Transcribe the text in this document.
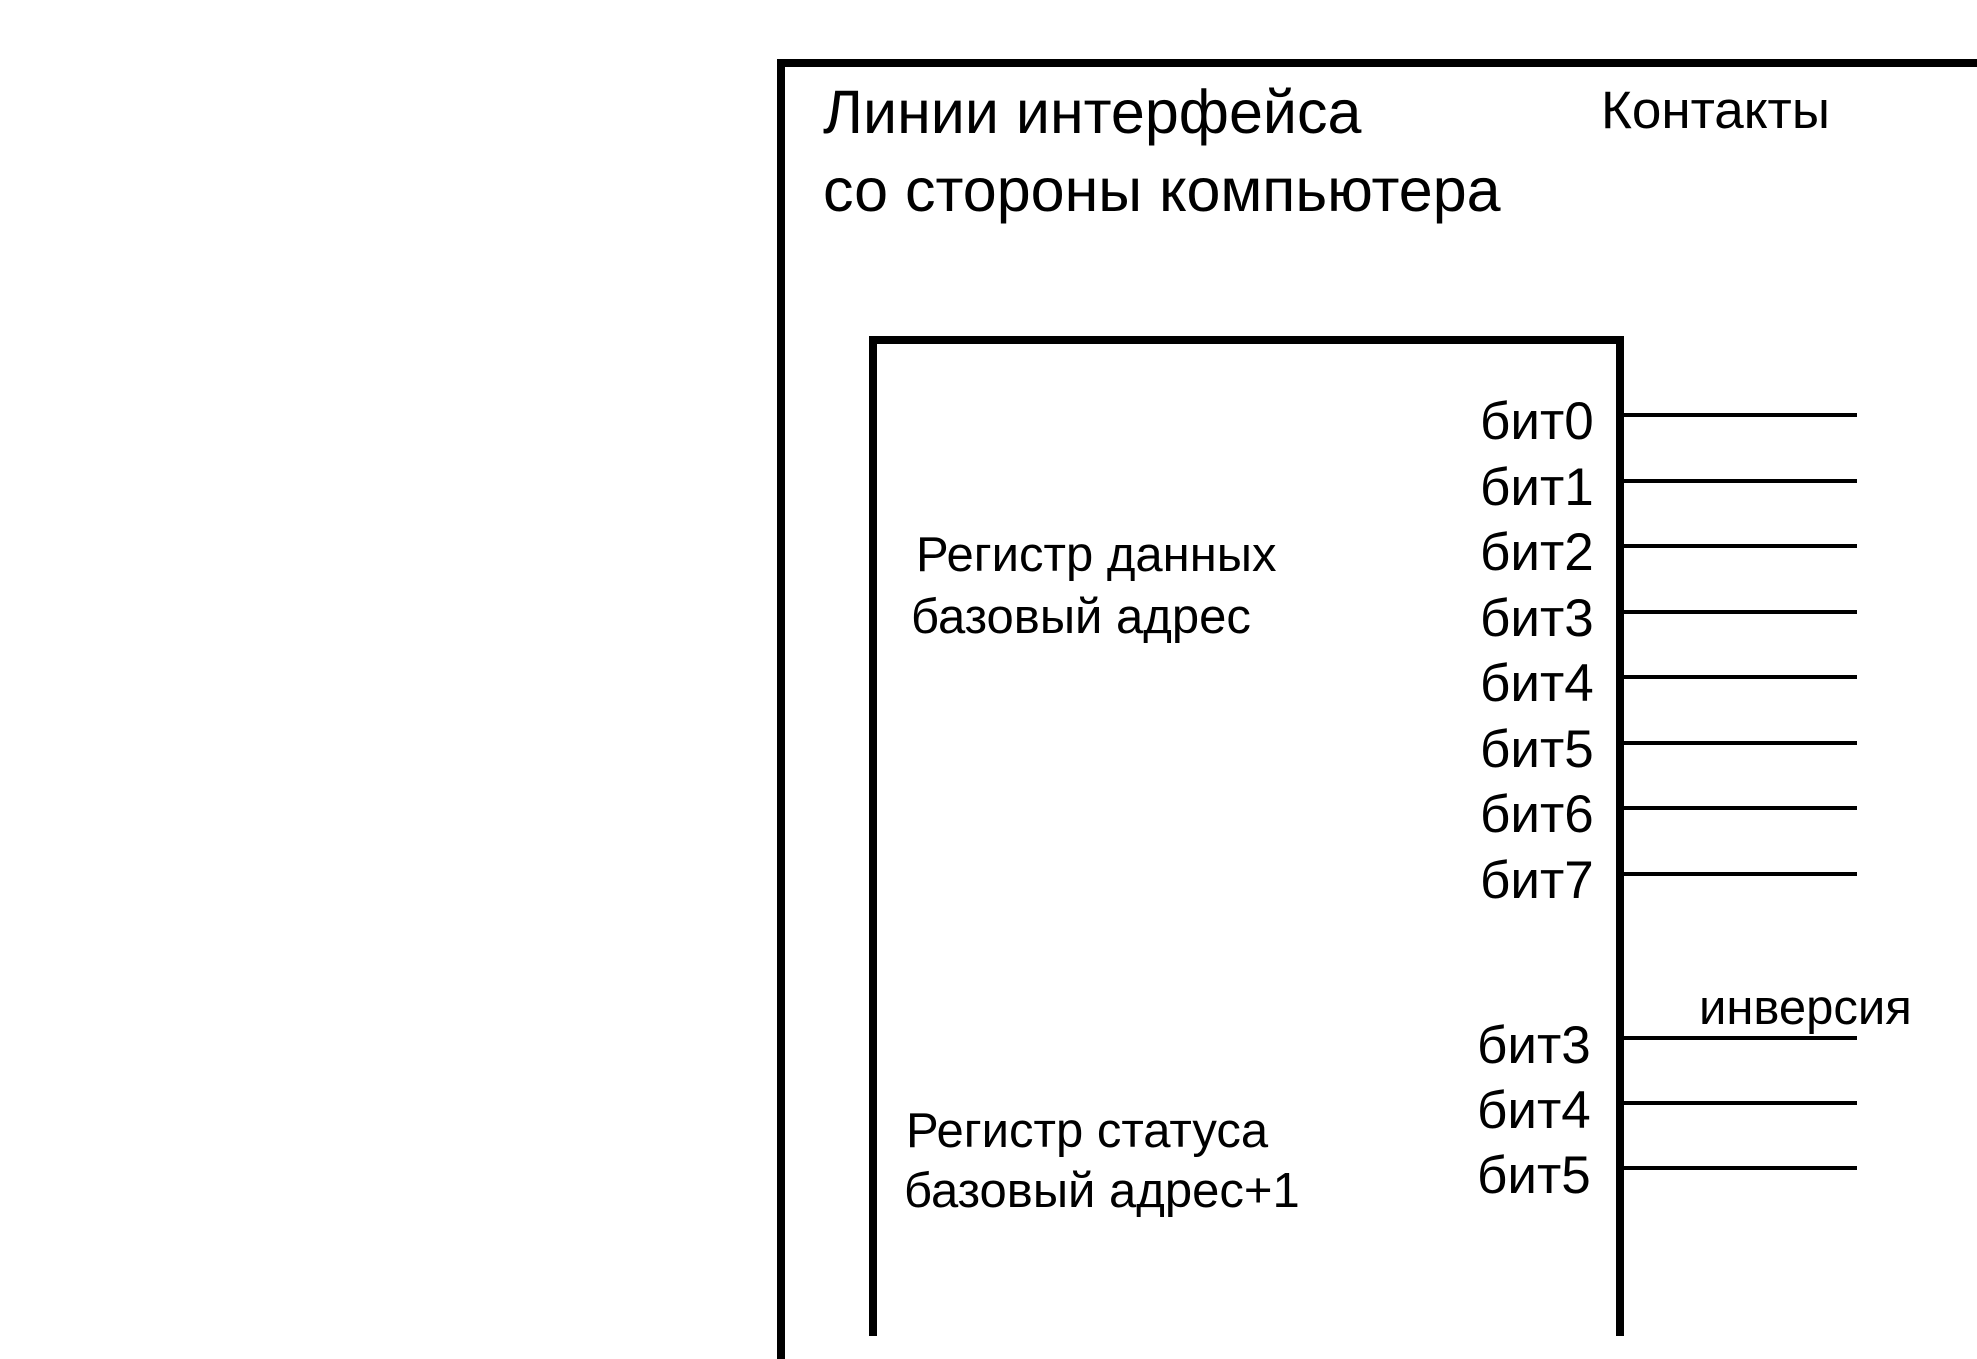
Линии интерфейса
со стороны компьютера
Контакты
Регистр данных
базовый адрес
Регистр статуса
базовый адрес+1
инверсия
бит0
бит1
бит2
бит3
бит4
бит5
бит6
бит7
бит3
бит4
бит5
